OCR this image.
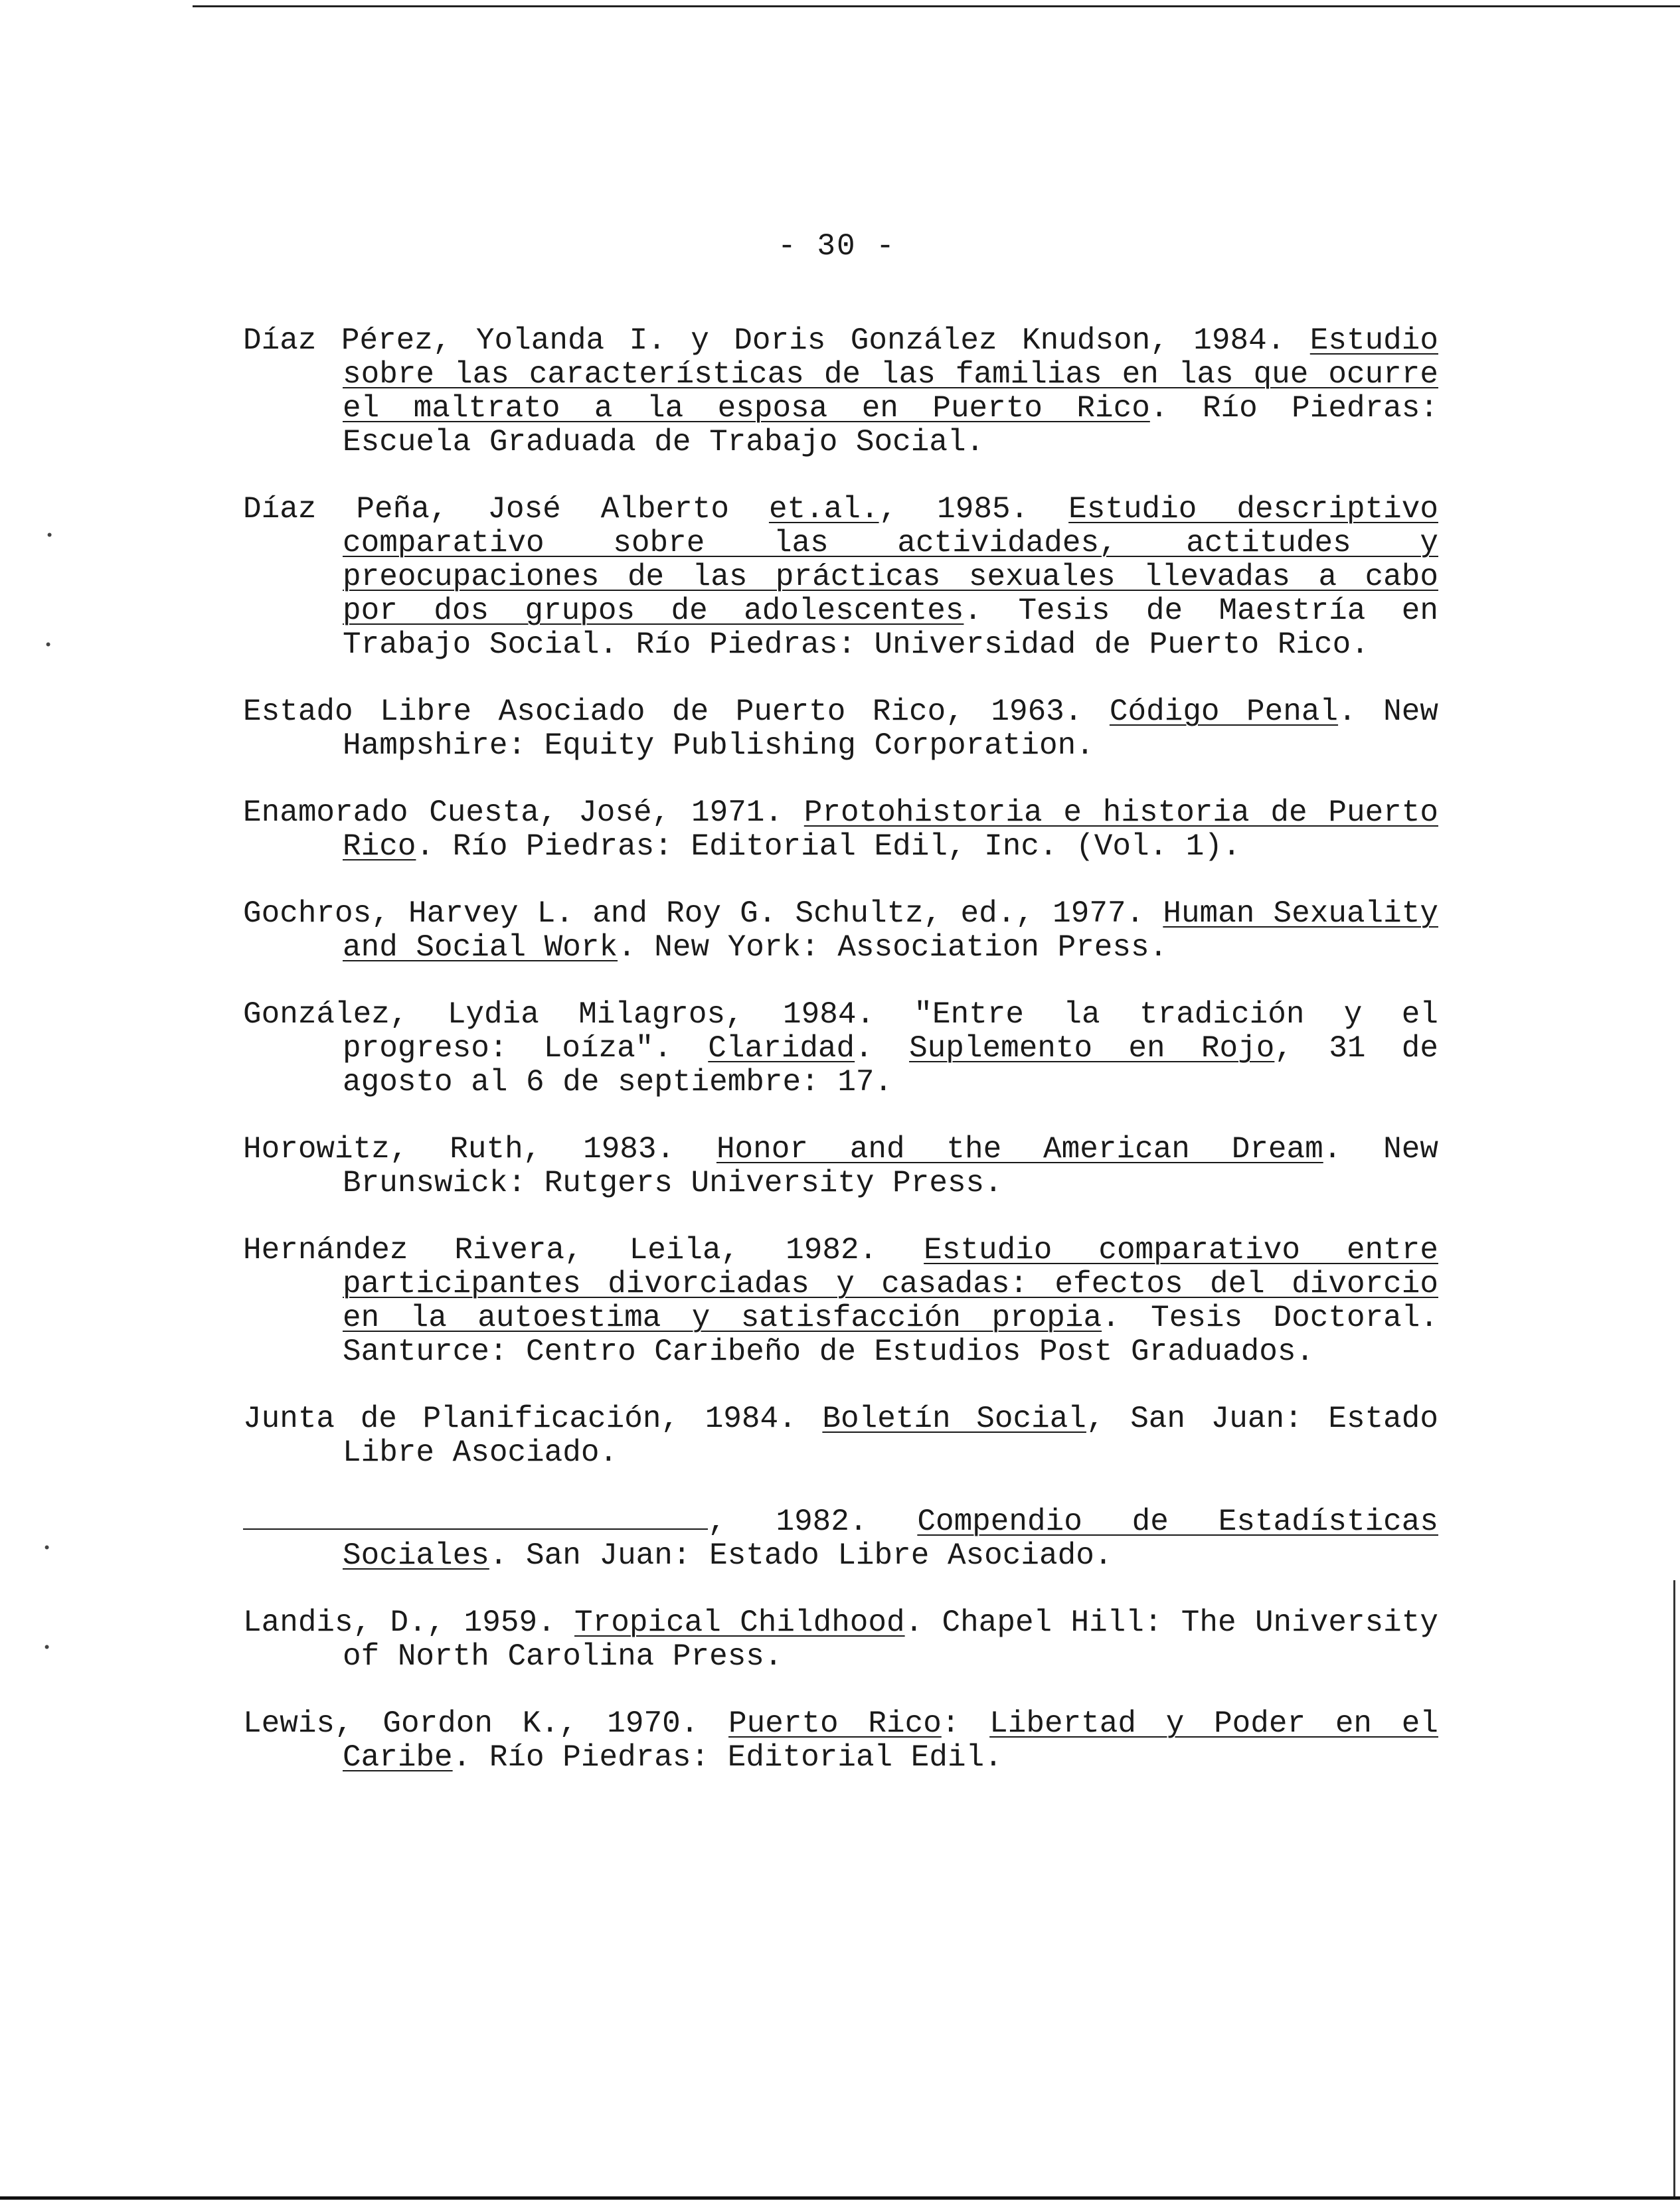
- 30 -

Díaz Pérez, Yolanda I. y Doris González Knudson, 1984. Estudio sobre las características de las familias en las que ocurre el maltrato a la esposa en Puerto Rico. Río Piedras: Escuela Graduada de Trabajo Social.

Díaz Peña, José Alberto et.al., 1985. Estudio descriptivo comparativo sobre las actividades, actitudes y preocupaciones de las prácticas sexuales llevadas a cabo por dos grupos de adolescentes. Tesis de Maestría en Trabajo Social. Río Piedras: Universidad de Puerto Rico.

Estado Libre Asociado de Puerto Rico, 1963. Código Penal. New Hampshire: Equity Publishing Corporation.

Enamorado Cuesta, José, 1971. Protohistoria e historia de Puerto Rico. Río Piedras: Editorial Edil, Inc. (Vol. 1).

Gochros, Harvey L. and Roy G. Schultz, ed., 1977. Human Sexuality and Social Work. New York: Association Press.

González, Lydia Milagros, 1984. "Entre la tradición y el progreso: Loíza". Claridad. Suplemento en Rojo, 31 de agosto al 6 de septiembre: 17.

Horowitz, Ruth, 1983. Honor and the American Dream. New Brunswick: Rutgers University Press.

Hernández Rivera, Leila, 1982. Estudio comparativo entre participantes divorciadas y casadas: efectos del divorcio en la autoestima y satisfacción propia. Tesis Doctoral. Santurce: Centro Caribeño de Estudios Post Graduados.

Junta de Planificación, 1984. Boletín Social, San Juan: Estado Libre Asociado.

, 1982. Compendio de Estadísticas Sociales. San Juan: Estado Libre Asociado.

Landis, D., 1959. Tropical Childhood. Chapel Hill: The University of North Carolina Press.

Lewis, Gordon K., 1970. Puerto Rico: Libertad y Poder en el Caribe. Río Piedras: Editorial Edil.

•
•
•
•
